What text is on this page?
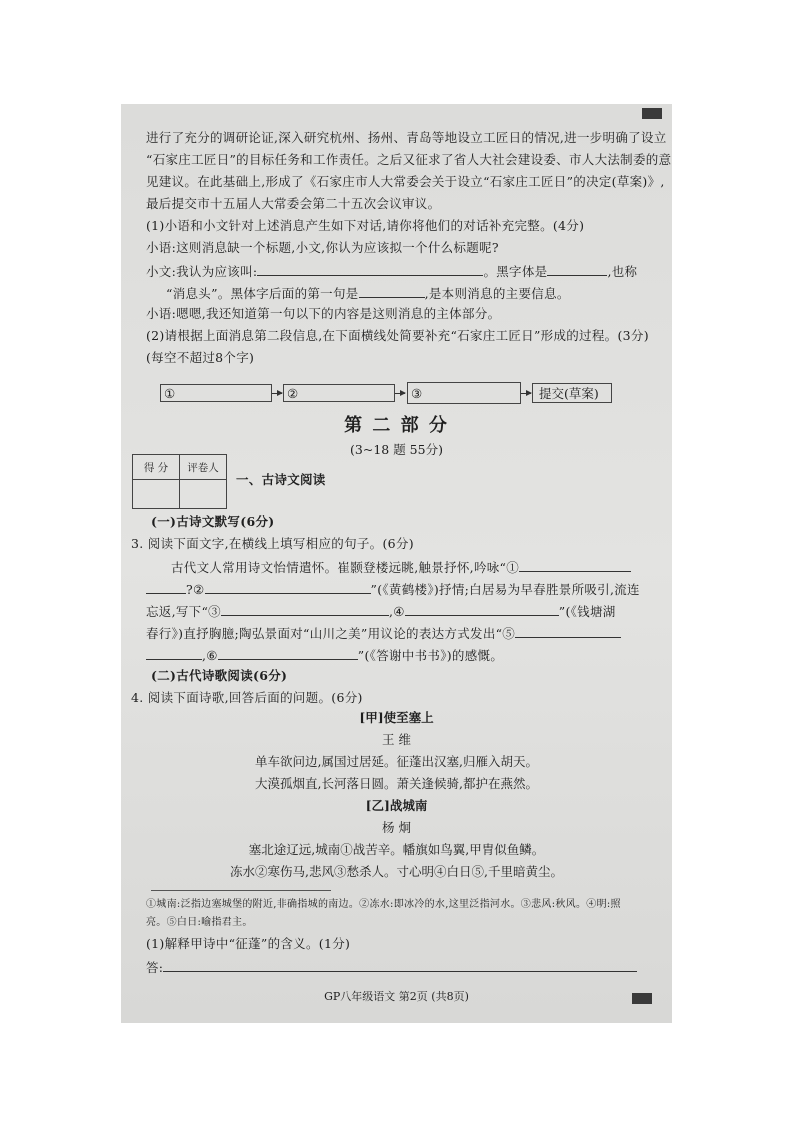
进行了充分的调研论证,深入研究杭州、扬州、青岛等地设立工匠日的情况,进一步明确了设立
“石家庄工匠日”的目标任务和工作责任。之后又征求了省人大社会建设委、市人大法制委的意
见建议。在此基础上,形成了《石家庄市人大常委会关于设立“石家庄工匠日”的决定(草案)》,
最后提交市十五届人大常委会第二十五次会议审议。
(1)小语和小文针对上述消息产生如下对话,请你将他们的对话补充完整。(4分)
小语:这则消息缺一个标题,小文,你认为应该拟一个什么标题呢?
小文:我认为应该叫:	。黑字体是	,也称
“消息头”。黑体字后面的第一句是	,是本则消息的主要信息。
小语:嗯嗯,我还知道第一句以下的内容是这则消息的主体部分。
(2)请根据上面消息第二段信息,在下面横线处简要补充“石家庄工匠日”形成的过程。(3分)
(每空不超过8个字)
①	②	③	提交(草案)
第 二 部 分
(3~18 题 55分)
得 分	评卷人

一、古诗文阅读
(一)古诗文默写(6分)
3. 阅读下面文字,在横线上填写相应的句子。(6分)
古代文人常用诗文怡情遣怀。崔颢登楼远眺,触景抒怀,吟咏“①
?②	”(《黄鹤楼》)抒情;白居易为早春胜景所吸引,流连
忘返,写下“③	,④	”(《钱塘湖
春行》)直抒胸臆;陶弘景面对“山川之美”用议论的表达方式发出“⑤
,⑥	”(《答谢中书书》)的感慨。
(二)古代诗歌阅读(6分)
4. 阅读下面诗歌,回答后面的问题。(6分)
[甲]使至塞上
王 维
单车欲问边,属国过居延。征蓬出汉塞,归雁入胡天。
大漠孤烟直,长河落日圆。萧关逢候骑,都护在燕然。
[乙]战城南
杨 炯
塞北途辽远,城南①战苦辛。幡旗如鸟翼,甲胄似鱼鳞。
冻水②寒伤马,悲风③愁杀人。寸心明④白日⑤,千里暗黄尘。
①城南:泛指边塞城堡的附近,非确指城的南边。②冻水:即冰冷的水,这里泛指河水。③悲风:秋风。④明:照
亮。⑤白日:喻指君主。
(1)解释甲诗中“征蓬”的含义。(1分)
答:
GP八年级语文 第2页 (共8页)
